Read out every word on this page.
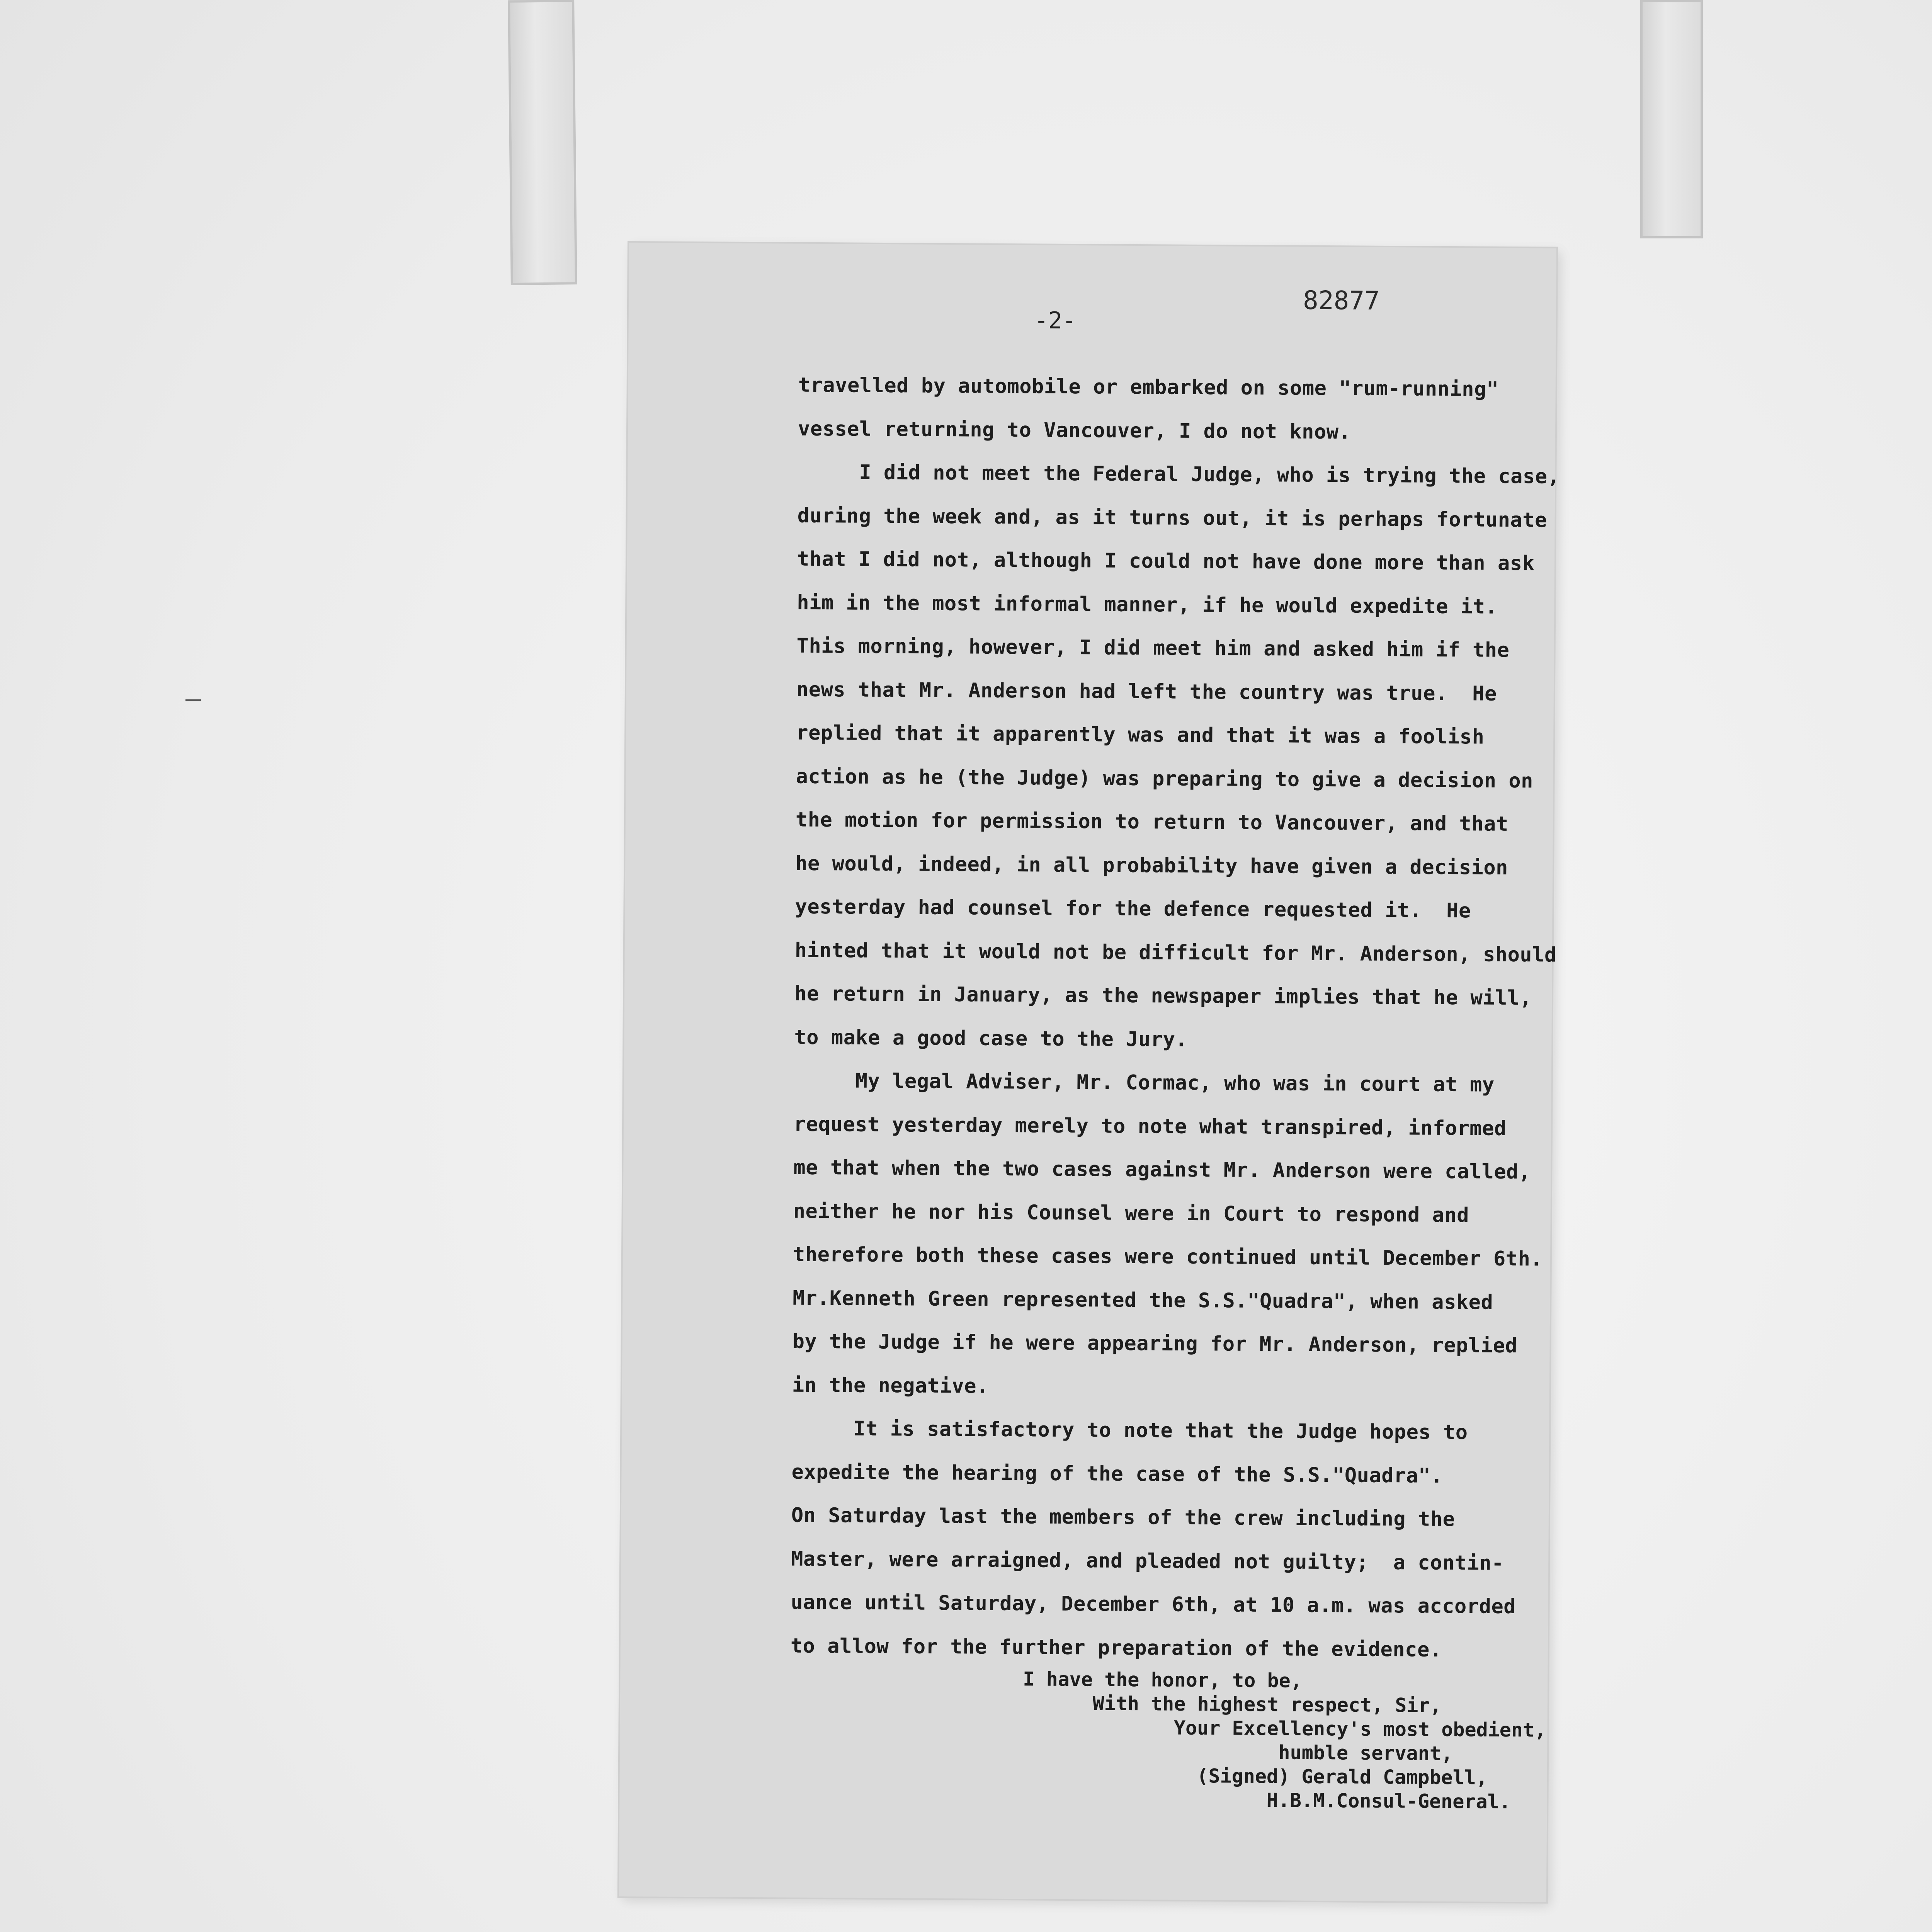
-2-
82877
travelled by automobile or embarked on some "rum-running"
vessel returning to Vancouver, I do not know.
I did not meet the Federal Judge, who is trying the case,
during the week and, as it turns out, it is perhaps fortunate
that I did not, although I could not have done more than ask
him in the most informal manner, if he would expedite it.
This morning, however, I did meet him and asked him if the
news that Mr. Anderson had left the country was true.  He
replied that it apparently was and that it was a foolish
action as he (the Judge) was preparing to give a decision on
the motion for permission to return to Vancouver, and that
he would, indeed, in all probability have given a decision
yesterday had counsel for the defence requested it.  He
hinted that it would not be difficult for Mr. Anderson, should
he return in January, as the newspaper implies that he will,
to make a good case to the Jury.
My legal Adviser, Mr. Cormac, who was in court at my
request yesterday merely to note what transpired, informed
me that when the two cases against Mr. Anderson were called,
neither he nor his Counsel were in Court to respond and
therefore both these cases were continued until December 6th.
Mr.Kenneth Green represented the S.S."Quadra", when asked
by the Judge if he were appearing for Mr. Anderson, replied
in the negative.
It is satisfactory to note that the Judge hopes to
expedite the hearing of the case of the S.S."Quadra".
On Saturday last the members of the crew including the
Master, were arraigned, and pleaded not guilty;  a contin-
uance until Saturday, December 6th, at 10 a.m. was accorded
to allow for the further preparation of the evidence.
I have the honor, to be,
With the highest respect, Sir,
Your Excellency's most obedient,
humble servant,
(Signed) Gerald Campbell,
H.B.M.Consul-General.
